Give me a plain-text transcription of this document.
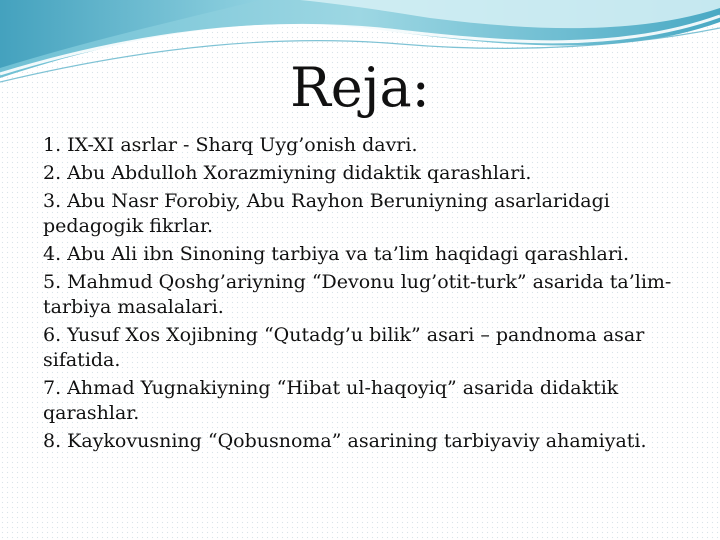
Reja:
1. IX-XI asrlar - Sharq Uyg’onish davri.
2. Abu Abdulloh Xorazmiyning didaktik qarashlari.
3. Abu Nasr Forobiy, Abu Rayhon Beruniyning asarlaridagi pedagogik fikrlar.
4. Abu Ali ibn Sinoning tarbiya va ta’lim haqidagi qarashlari.
5. Mahmud Qoshg’ariyning “Devonu lug’otit-turk” asarida ta’lim-tarbiya masalalari.
6. Yusuf Xos Xojibning “Qutadg’u bilik” asari – pandnoma asar sifatida.
7. Ahmad Yugnakiyning “Hibat ul-haqoyiq” asarida didaktik qarashlar.
8. Kaykovusning “Qobusnoma” asarining tarbiyaviy ahamiyati.
